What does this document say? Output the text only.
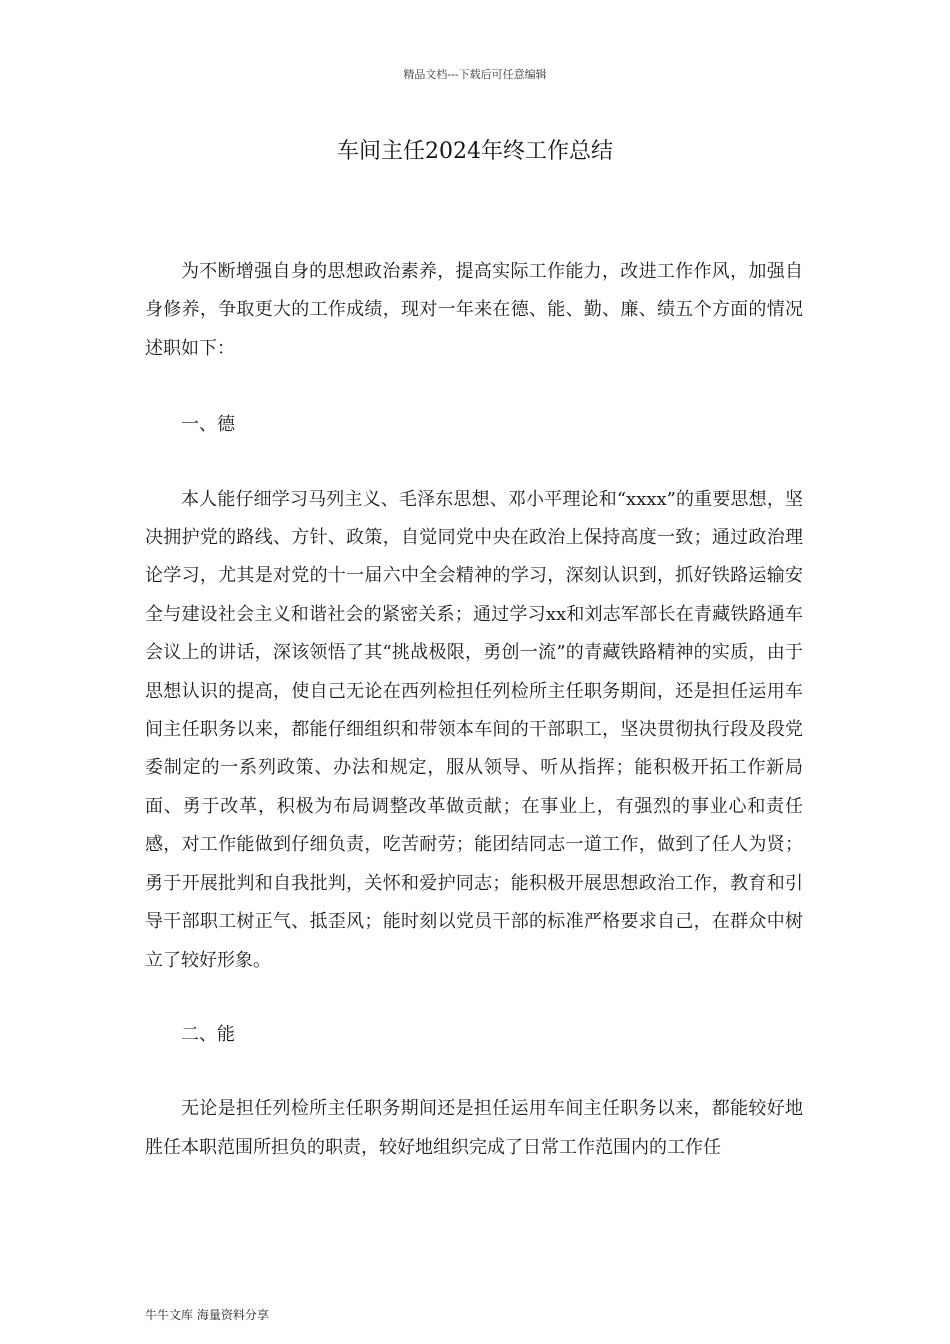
精品文档---下载后可任意编辑
车间主任2024年终工作总结

为不断增强自身的思想政治素养，提高实际工作能力，改进工作作风，加强自身修养，争取更大的工作成绩，现对一年来在德、能、勤、廉、绩五个方面的情况述职如下：

一、德

本人能仔细学习马列主义、毛泽东思想、邓小平理论和“xxxx”的重要思想，坚决拥护党的路线、方针、政策，自觉同党中央在政治上保持高度一致；通过政治理论学习，尤其是对党的十一届六中全会精神的学习，深刻认识到，抓好铁路运输安全与建设社会主义和谐社会的紧密关系；通过学习xx和刘志军部长在青藏铁路通车会议上的讲话，深该领悟了其“挑战极限，勇创一流”的青藏铁路精神的实质，由于思想认识的提高，使自己无论在西列检担任列检所主任职务期间，还是担任运用车间主任职务以来，都能仔细组织和带领本车间的干部职工，坚决贯彻执行段及段党委制定的一系列政策、办法和规定，服从领导、听从指挥；能积极开拓工作新局面、勇于改革，积极为布局调整改革做贡献；在事业上，有强烈的事业心和责任感，对工作能做到仔细负责，吃苦耐劳；能团结同志一道工作，做到了任人为贤；勇于开展批判和自我批判，关怀和爱护同志；能积极开展思想政治工作，教育和引导干部职工树正气、抵歪风；能时刻以党员干部的标准严格要求自己，在群众中树立了较好形象。

二、能

无论是担任列检所主任职务期间还是担任运用车间主任职务以来，都能较好地胜任本职范围所担负的职责，较好地组织完成了日常工作范围内的工作任

牛牛文库 海量资料分享
